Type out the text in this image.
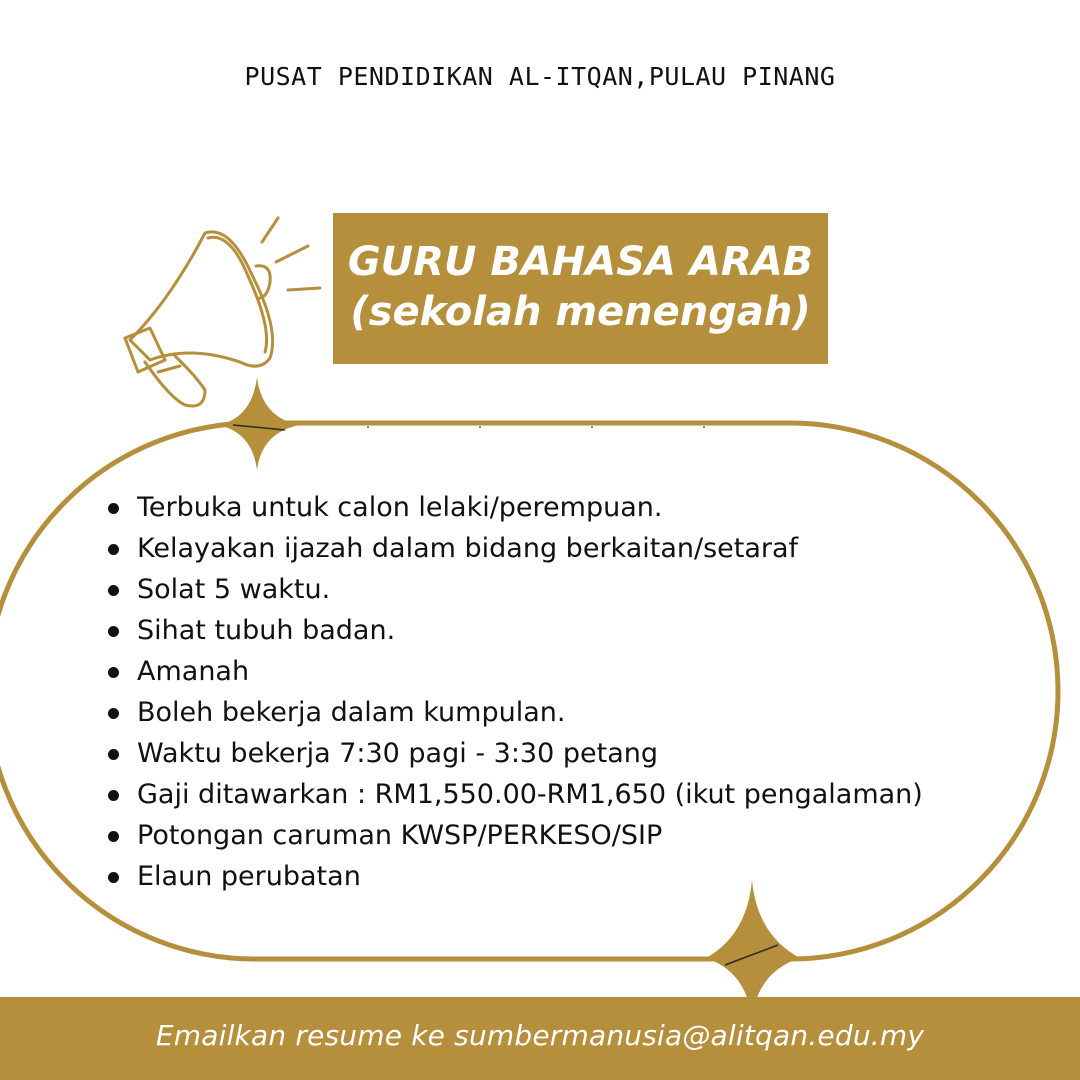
PUSAT PENDIDIKAN AL-ITQAN,PULAU PINANG
GURU BAHASA ARAB
(sekolah menengah)
Terbuka untuk calon lelaki/perempuan.
Kelayakan ijazah dalam bidang berkaitan/setaraf
Solat 5 waktu.
Sihat tubuh badan.
Amanah
Boleh bekerja dalam kumpulan.
Waktu bekerja 7:30 pagi - 3:30 petang
Gaji ditawarkan : RM1,550.00-RM1,650 (ikut pengalaman)
Potongan caruman KWSP/PERKESO/SIP
Elaun perubatan
Emailkan resume ke sumbermanusia@alitqan.edu.my
